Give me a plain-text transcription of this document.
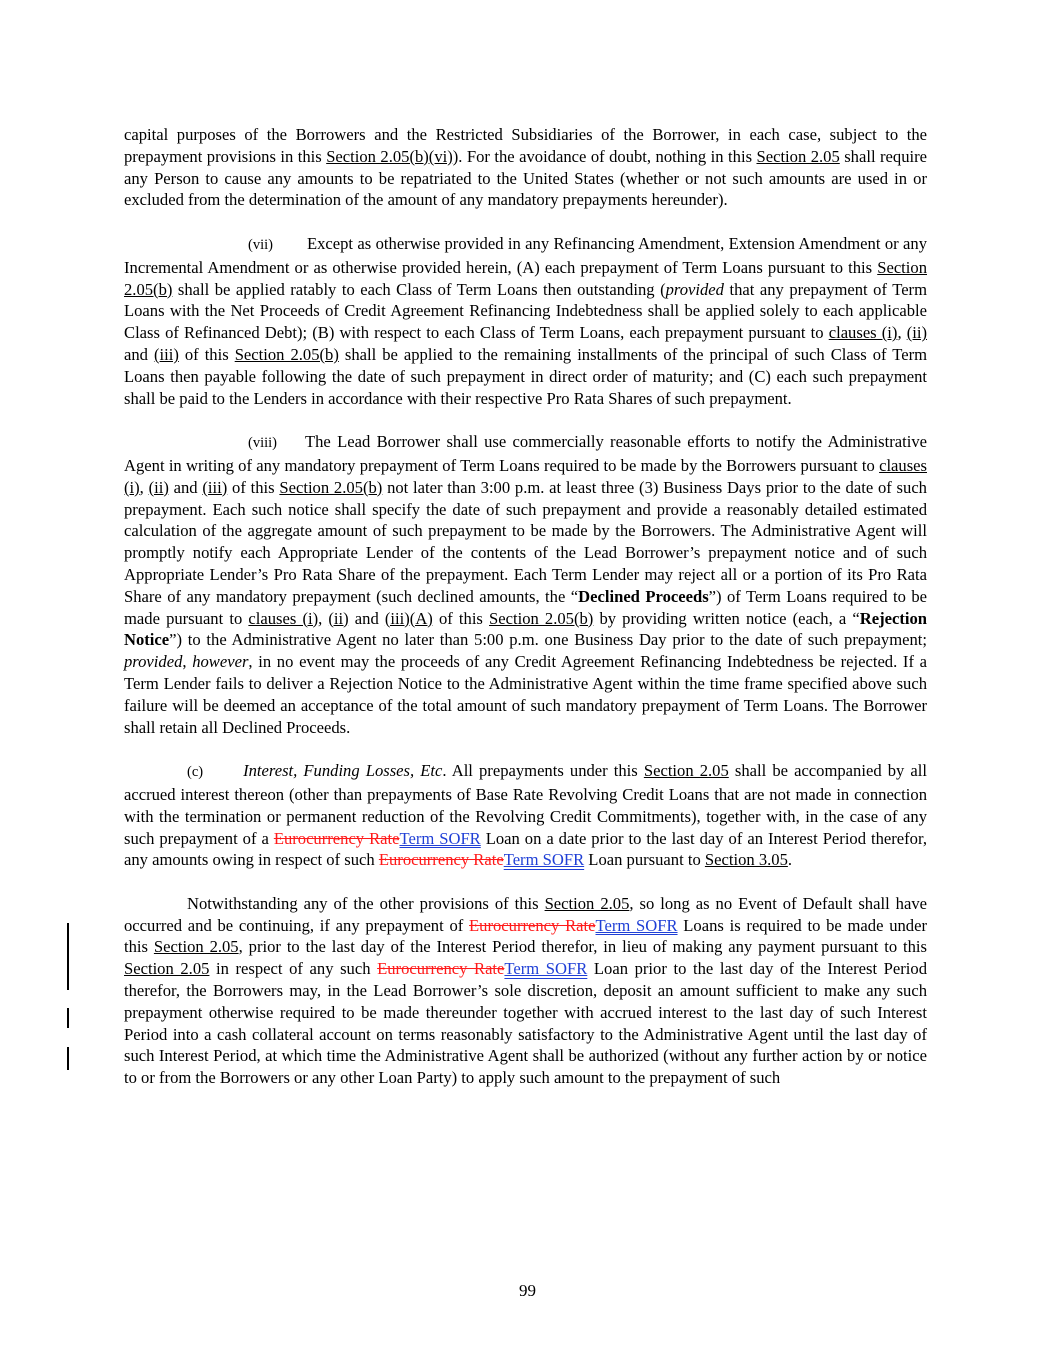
capital purposes of the Borrowers and the Restricted Subsidiaries of the Borrower, in each case, subject to the prepayment provisions in this Section 2.05(b)(vi)). For the avoidance of doubt, nothing in this Section 2.05 shall require any Person to cause any amounts to be repatriated to the United States (whether or not such amounts are used in or excluded from the determination of the amount of any mandatory prepayments hereunder).

(vii) Except as otherwise provided in any Refinancing Amendment, Extension Amendment or any Incremental Amendment or as otherwise provided herein, (A) each prepayment of Term Loans pursuant to this Section 2.05(b) shall be applied ratably to each Class of Term Loans then outstanding (provided that any prepayment of Term Loans with the Net Proceeds of Credit Agreement Refinancing Indebtedness shall be applied solely to each applicable Class of Refinanced Debt); (B) with respect to each Class of Term Loans, each prepayment pursuant to clauses (i), (ii) and (iii) of this Section 2.05(b) shall be applied to the remaining installments of the principal of such Class of Term Loans then payable following the date of such prepayment in direct order of maturity; and (C) each such prepayment shall be paid to the Lenders in accordance with their respective Pro Rata Shares of such prepayment.

(viii) The Lead Borrower shall use commercially reasonable efforts to notify the Administrative Agent in writing of any mandatory prepayment of Term Loans required to be made by the Borrowers pursuant to clauses (i), (ii) and (iii) of this Section 2.05(b) not later than 3:00 p.m. at least three (3) Business Days prior to the date of such prepayment. Each such notice shall specify the date of such prepayment and provide a reasonably detailed estimated calculation of the aggregate amount of such prepayment to be made by the Borrowers. The Administrative Agent will promptly notify each Appropriate Lender of the contents of the Lead Borrower’s prepayment notice and of such Appropriate Lender’s Pro Rata Share of the prepayment. Each Term Lender may reject all or a portion of its Pro Rata Share of any mandatory prepayment (such declined amounts, the “Declined Proceeds”) of Term Loans required to be made pursuant to clauses (i), (ii) and (iii)(A) of this Section 2.05(b) by providing written notice (each, a “Rejection Notice”) to the Administrative Agent no later than 5:00 p.m. one Business Day prior to the date of such prepayment; provided, however, in no event may the proceeds of any Credit Agreement Refinancing Indebtedness be rejected. If a Term Lender fails to deliver a Rejection Notice to the Administrative Agent within the time frame specified above such failure will be deemed an acceptance of the total amount of such mandatory prepayment of Term Loans. The Borrower shall retain all Declined Proceeds.

(c) Interest, Funding Losses, Etc. All prepayments under this Section 2.05 shall be accompanied by all accrued interest thereon (other than prepayments of Base Rate Revolving Credit Loans that are not made in connection with the termination or permanent reduction of the Revolving Credit Commitments), together with, in the case of any such prepayment of a Eurocurrency RateTerm SOFR Loan on a date prior to the last day of an Interest Period therefor, any amounts owing in respect of such Eurocurrency RateTerm SOFR Loan pursuant to Section 3.05.

Notwithstanding any of the other provisions of this Section 2.05, so long as no Event of Default shall have occurred and be continuing, if any prepayment of Eurocurrency RateTerm SOFR Loans is required to be made under this Section 2.05, prior to the last day of the Interest Period therefor, in lieu of making any payment pursuant to this Section 2.05 in respect of any such Eurocurrency RateTerm SOFR Loan prior to the last day of the Interest Period therefor, the Borrowers may, in the Lead Borrower’s sole discretion, deposit an amount sufficient to make any such prepayment otherwise required to be made thereunder together with accrued interest to the last day of such Interest Period into a cash collateral account on terms reasonably satisfactory to the Administrative Agent until the last day of such Interest Period, at which time the Administrative Agent shall be authorized (without any further action by or notice to or from the Borrowers or any other Loan Party) to apply such amount to the prepayment of such

99
